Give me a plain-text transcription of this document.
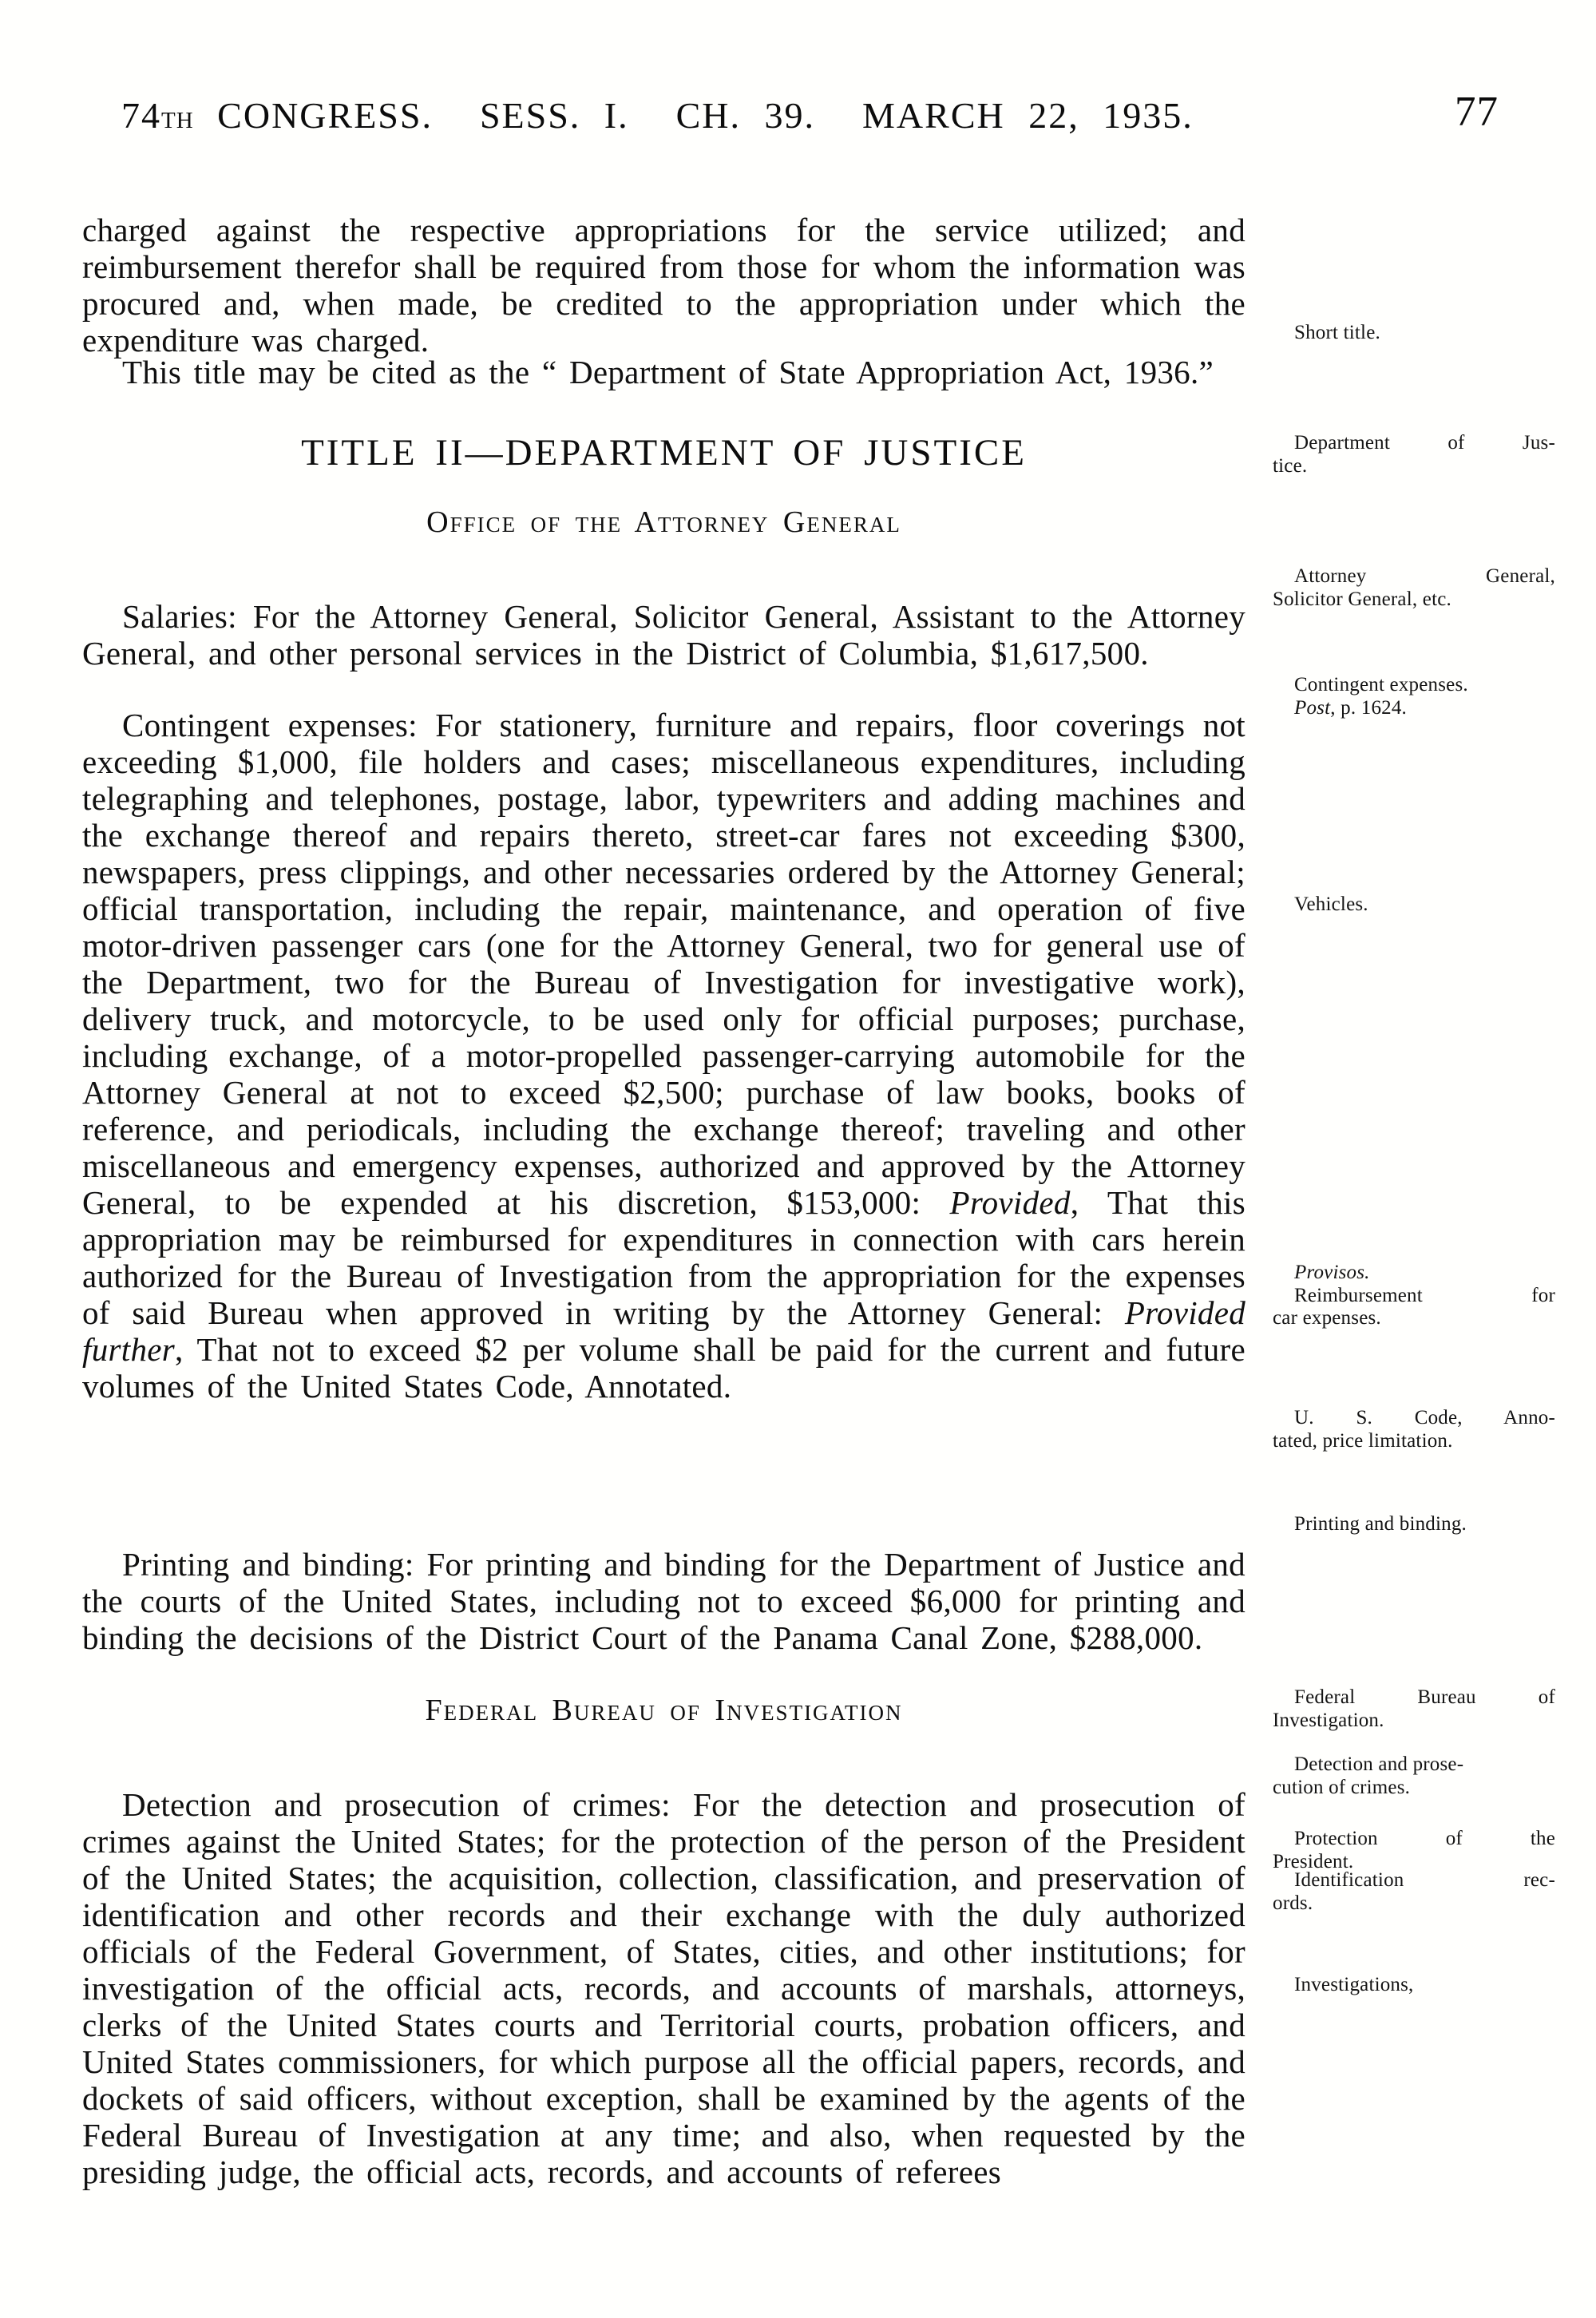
74TH CONGRESS.  SESS. I.  CH. 39.  MARCH 22, 1935.	77

charged against the respective appropriations for the service utilized; and reimbursement therefor shall be required from those for whom the information was procured and, when made, be credited to the appropriation under which the expenditure was charged.

This title may be cited as the “ Department of State Appropriation Act, 1936.”

TITLE II—DEPARTMENT OF JUSTICE
Office of the Attorney General

Salaries: For the Attorney General, Solicitor General, Assistant to the Attorney General, and other personal services in the District of Columbia, $1,617,500.

Contingent expenses: For stationery, furniture and repairs, floor coverings not exceeding $1,000, file holders and cases; miscellaneous expenditures, including telegraphing and telephones, postage, labor, typewriters and adding machines and the exchange thereof and repairs thereto, street-car fares not exceeding $300, newspapers, press clippings, and other necessaries ordered by the Attorney General; official transportation, including the repair, maintenance, and operation of five motor-driven passenger cars (one for the Attorney General, two for general use of the Department, two for the Bureau of Investigation for investigative work), delivery truck, and motorcycle, to be used only for official purposes; purchase, including exchange, of a motor-propelled passenger-carrying automobile for the Attorney General at not to exceed $2,500; purchase of law books, books of reference, and periodicals, including the exchange thereof; traveling and other miscellaneous and emergency expenses, authorized and approved by the Attorney General, to be expended at his discretion, $153,000: Provided, That this appropriation may be reimbursed for expenditures in connection with cars herein authorized for the Bureau of Investigation from the appropriation for the expenses of said Bureau when approved in writing by the Attorney General: Provided further, That not to exceed $2 per volume shall be paid for the current and future volumes of the United States Code, Annotated.

Printing and binding: For printing and binding for the Department of Justice and the courts of the United States, including not to exceed $6,000 for printing and binding the decisions of the District Court of the Panama Canal Zone, $288,000.

Federal Bureau of Investigation

Detection and prosecution of crimes: For the detection and prosecution of crimes against the United States; for the protection of the person of the President of the United States; the acquisition, collection, classification, and preservation of identification and other records and their exchange with the duly authorized officials of the Federal Government, of States, cities, and other institutions; for investigation of the official acts, records, and accounts of marshals, attorneys, clerks of the United States courts and Territorial courts, probation officers, and United States commissioners, for which purpose all the official papers, records, and dockets of said officers, without exception, shall be examined by the agents of the Federal Bureau of Investigation at any time; and also, when requested by the presiding judge, the official acts, records, and accounts of referees

Short title.
Department of Jus-
tice.
Attorney General,
Solicitor General, etc.
Contingent expenses.
Post, p. 1624.
Vehicles.
Provisos.
Reimbursement for
car expenses.
U. S. Code, Anno-
tated, price limitation.
Printing and binding.
Federal Bureau of
Investigation.
Detection and prose-
cution of crimes.
Protection of the
President.
Identification rec-
ords.
Investigations,
